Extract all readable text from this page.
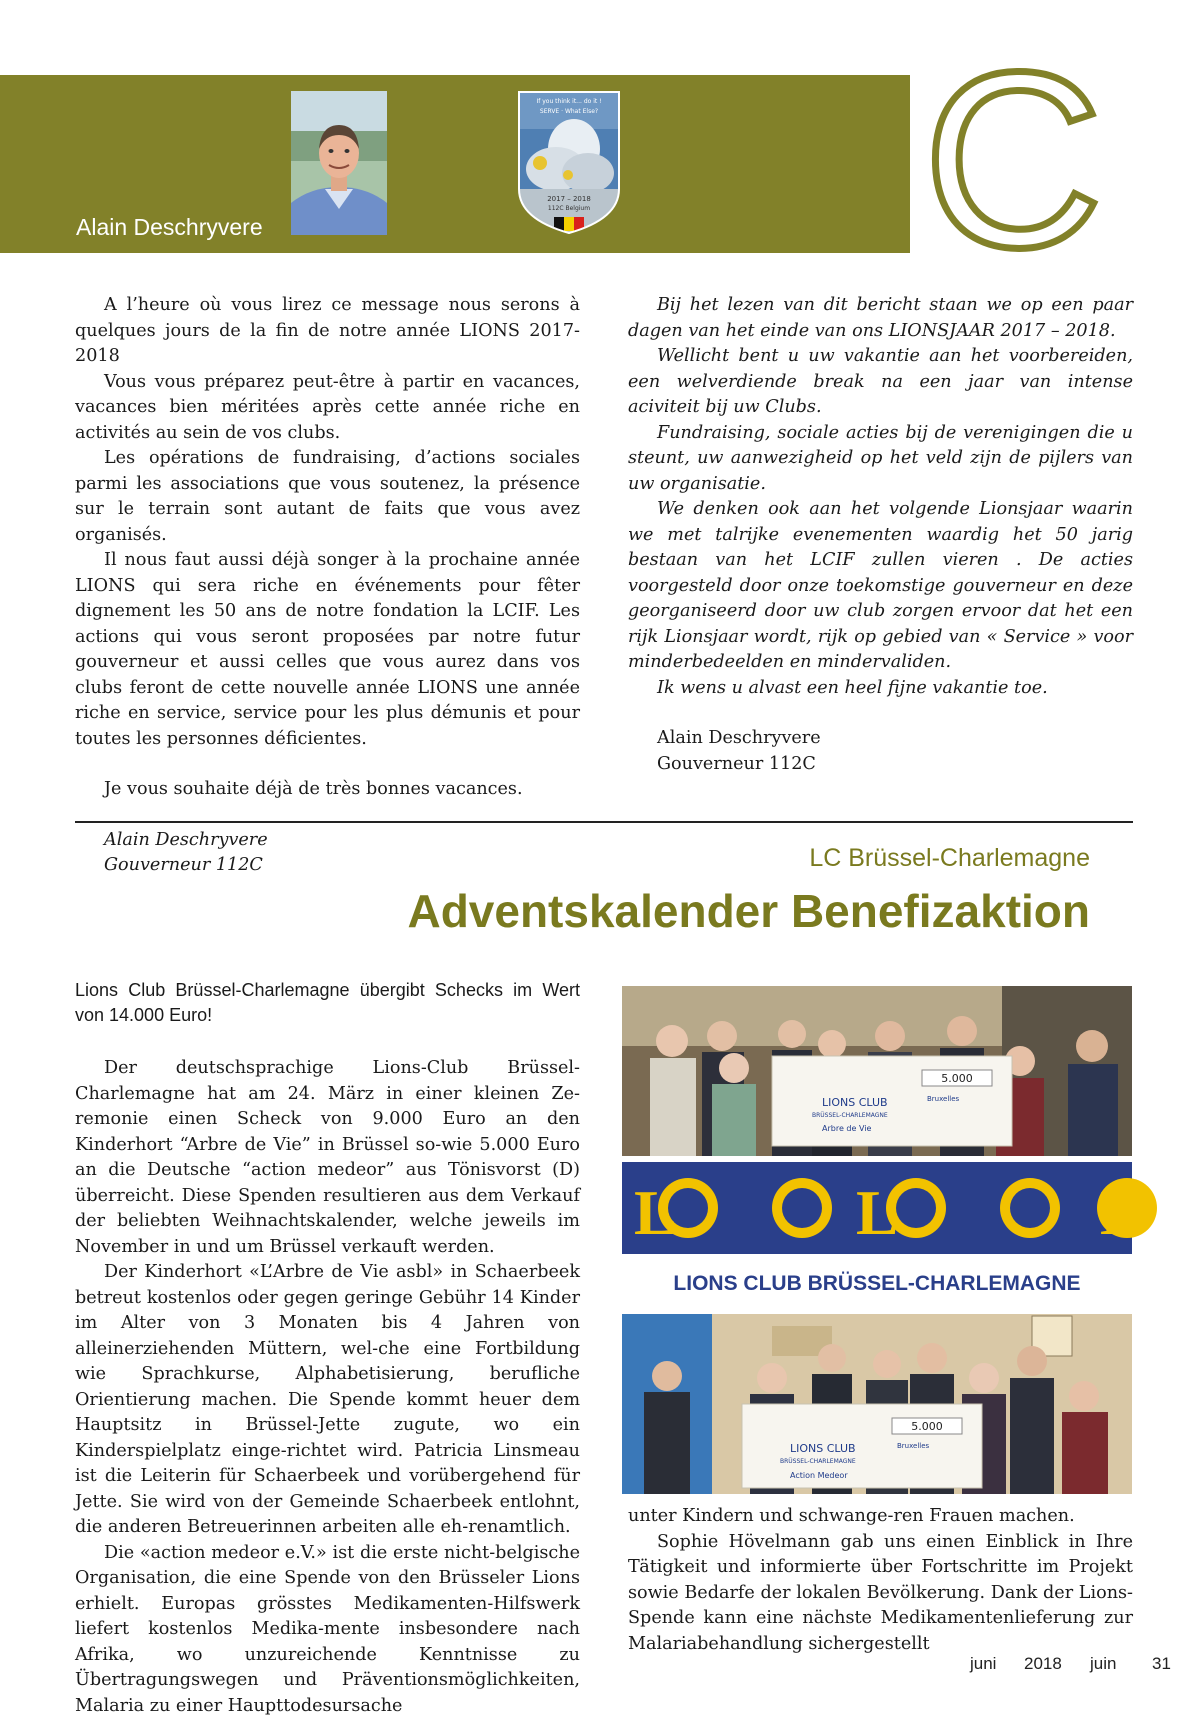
Alain Deschryvere
If you think it... do it !
SERVE · What Else?
2017 – 2018
112C Belgium C

A l’heure où vous lirez ce message nous serons à quelques jours de la fin de notre année LIONS 2017-2018

Vous vous préparez peut-être à partir en vacances, vacances bien méritées après cette année riche en activités au sein de vos clubs.

Les opérations de fundraising, d’actions sociales parmi les associations que vous soutenez, la présence sur le terrain sont autant de faits que vous avez organisés.

Il nous faut aussi déjà songer à la prochaine année LIONS qui sera riche en événements pour fêter dignement les 50 ans de notre fondation la LCIF. Les actions qui vous seront proposées par notre futur gouverneur et aussi celles que vous aurez dans vos clubs feront de cette nouvelle année LIONS une année riche en service, service pour les plus démunis et pour toutes les personnes déficientes.

Je vous souhaite déjà de très bonnes vacances.

Alain Deschryvere

Gouverneur 112C

Bij het lezen van dit bericht staan we op een paar dagen van het einde van ons LIONSJAAR 2017 – 2018.

Wellicht bent u uw vakantie aan het voorbereiden, een welverdiende break na een jaar van intense aciviteit bij uw Clubs.

Fundraising, sociale acties bij de verenigingen die u steunt, uw aanwezigheid op het veld zijn de pijlers van uw organisatie.

We denken ook aan het volgende Lionsjaar waarin we met talrijke evenementen waardig het 50 jarig bestaan van het LCIF zullen vieren . De acties voorgesteld door onze toekomstige gouverneur en deze georganiseerd door uw club zorgen ervoor dat het een rijk Lionsjaar wordt, rijk op gebied van « Service » voor minderbedeelden en mindervaliden.

Ik wens u alvast een heel fijne vakantie toe.

Alain Deschryvere

Gouverneur 112C

LC Brüssel-Charlemagne
Adventskalender Benefizaktion
Lions Club Brüssel-Charlemagne übergibt Schecks im Wert von 14.000 Euro!

Der deutschsprachige Lions-Club Brüssel-Charlemagne hat am 24. März in einer kleinen Ze-remonie einen Scheck von 9.000 Euro an den Kinderhort “Arbre de Vie” in Brüssel so-wie 5.000 Euro an die Deutsche “action medeor” aus Tönisvorst (D) überreicht. Diese Spenden resultieren aus dem Verkauf der beliebten Weihnachtskalender, welche jeweils im November in und um Brüssel verkauft werden.

Der Kinderhort «L’Arbre de Vie asbl» in Schaerbeek betreut kostenlos oder gegen geringe Gebühr 14 Kinder im Alter von 3 Monaten bis 4 Jahren von alleinerziehenden Müttern, wel-che eine Fortbildung wie Sprachkurse, Alphabetisierung, berufliche Orientierung machen. Die Spende kommt heuer dem Hauptsitz in Brüssel-Jette zugute, wo ein Kinderspielplatz einge-richtet wird. Patricia Linsmeau ist die Leiterin für Schaerbeek und vorübergehend für Jette. Sie wird von der Gemeinde Schaerbeek entlohnt, die anderen Betreuerinnen arbeiten alle eh-renamtlich.

Die «action medeor e.V.» ist die erste nicht-belgische Organisation, die eine Spende von den Brüsseler Lions erhielt. Europas grösstes Medikamenten-Hilfswerk liefert kostenlos Medika-mente insbesondere nach Afrika, wo unzureichende Kenntnisse zu Übertragungswegen und Präventionsmöglichkeiten, Malaria zu einer Haupttodesursache

5.000
LIONS CLUB
BRÜSSEL-CHARLEMAGNE
Arbre de Vie
Bruxelles
L	L	L
LIONS CLUB BRÜSSEL-CHARLEMAGNE
5.000
LIONS CLUB
BRÜSSEL-CHARLEMAGNE
Action Medeor
Bruxelles

unter Kindern und schwange-ren Frauen machen.

Sophie Hövelmann gab uns einen Einblick in Ihre Tätigkeit und informierte über Fortschritte im Projekt sowie Bedarfe der lokalen Bevölkerung. Dank der Lions-Spende kann eine nächste Medikamentenlieferung zur Malariabehandlung sichergestellt

juni 2018 juin 31
